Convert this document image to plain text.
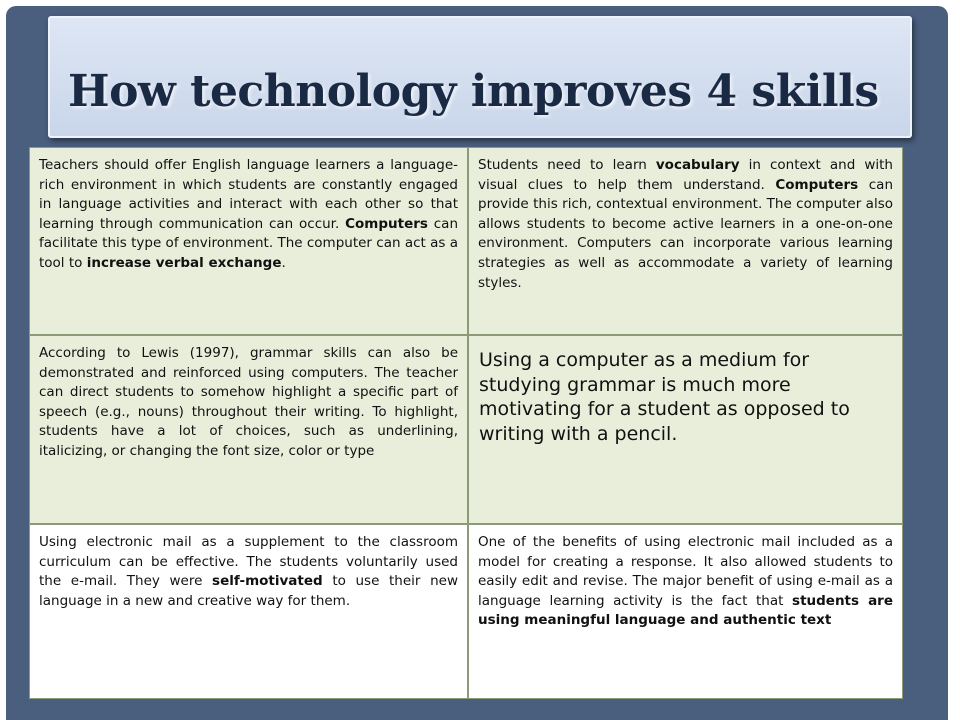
How technology improves 4 skills
Teachers should offer English language learners a language-rich environment in which students are constantly engaged in language activities and interact with each other so that learning through communication can occur. Computers can facilitate this type of environment. The computer can act as a tool to increase verbal exchange.
Students need to learn vocabulary in context and with visual clues to help them understand. Computers can provide this rich, contextual environment. The computer also allows students to become active learners in a one-on-one environment. Computers can incorporate various learning strategies as well as accommodate a variety of learning styles.
According to Lewis (1997), grammar skills can also be demonstrated and reinforced using computers. The teacher can direct students to somehow highlight a specific part of speech (e.g., nouns) throughout their writing. To highlight, students have a lot of choices, such as underlining, italicizing, or changing the font size, color or type
Using a computer as a medium for studying grammar is much more motivating for a student as opposed to writing with a pencil.
Using electronic mail as a supplement to the classroom curriculum can be effective. The students voluntarily used the e-mail. They were self-motivated to use their new language in a new and creative way for them.
One of the benefits of using electronic mail included as a model for creating a response. It also allowed students to easily edit and revise. The major benefit of using e-mail as a language learning activity is the fact that students are using meaningful language and authentic text
